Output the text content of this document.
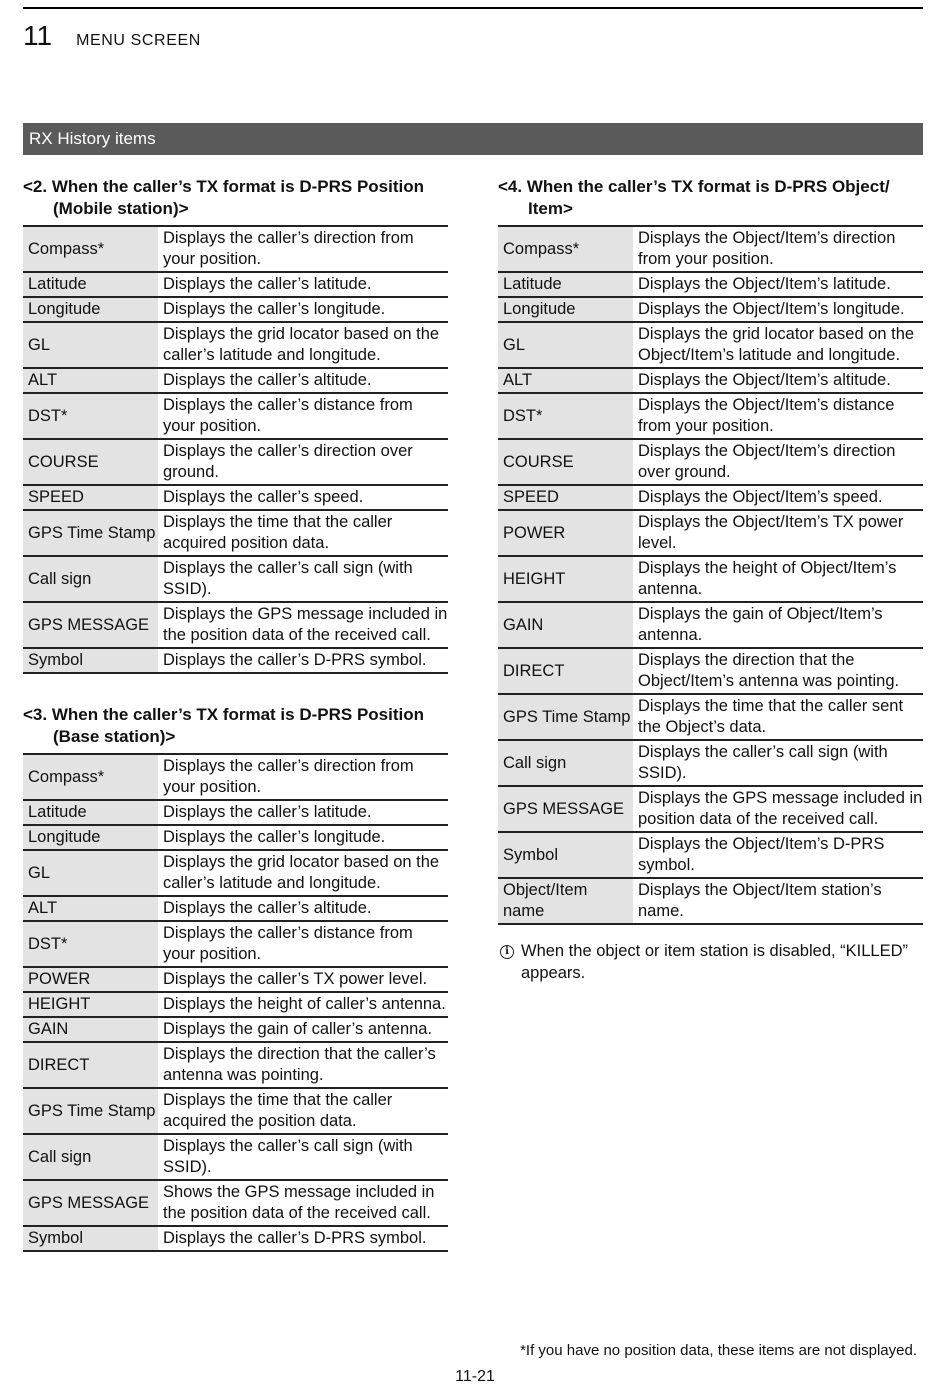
11 MENU SCREEN
RX History items
<2. When the caller’s TX format is D-PRS Position (Mobile station)>
Compass*	Displays the caller’s direction from your position.
Latitude	Displays the caller’s latitude.
Longitude	Displays the caller’s longitude.
GL	Displays the grid locator based on the caller’s latitude and longitude.
ALT	Displays the caller’s altitude.
DST*	Displays the caller’s distance from your position.
COURSE	Displays the caller’s direction over ground.
SPEED	Displays the caller’s speed.
GPS Time Stamp	Displays the time that the caller acquired position data.
Call sign	Displays the caller’s call sign (with SSID).
GPS MESSAGE	Displays the GPS message included in the position data of the received call.
Symbol	Displays the caller’s D-PRS symbol.
<3. When the caller’s TX format is D-PRS Position (Base station)>
Compass*	Displays the caller’s direction from your position.
Latitude	Displays the caller’s latitude.
Longitude	Displays the caller’s longitude.
GL	Displays the grid locator based on the caller’s latitude and longitude.
ALT	Displays the caller’s altitude.
DST*	Displays the caller’s distance from your position.
POWER	Displays the caller’s TX power level.
HEIGHT	Displays the height of caller’s antenna.
GAIN	Displays the gain of caller’s antenna.
DIRECT	Displays the direction that the caller’s antenna was pointing.
GPS Time Stamp	Displays the time that the caller acquired the position data.
Call sign	Displays the caller’s call sign (with SSID).
GPS MESSAGE	Shows the GPS message included in the position data of the received call.
Symbol	Displays the caller’s D-PRS symbol.
<4. When the caller’s TX format is D-PRS Object/ Item>
Compass*	Displays the Object/Item’s direction from your position.
Latitude	Displays the Object/Item’s latitude.
Longitude	Displays the Object/Item’s longitude.
GL	Displays the grid locator based on the Object/Item’s latitude and longitude.
ALT	Displays the Object/Item’s altitude.
DST*	Displays the Object/Item’s distance from your position.
COURSE	Displays the Object/Item’s direction over ground.
SPEED	Displays the Object/Item’s speed.
POWER	Displays the Object/Item’s TX power level.
HEIGHT	Displays the height of Object/Item’s antenna.
GAIN	Displays the gain of Object/Item’s antenna.
DIRECT	Displays the direction that the Object/Item’s antenna was pointing.
GPS Time Stamp	Displays the time that the caller sent the Object’s data.
Call sign	Displays the caller’s call sign (with SSID).
GPS MESSAGE	Displays the GPS message included in position data of the received call.
Symbol	Displays the Object/Item’s D-PRS symbol.
Object/Item name	Displays the Object/Item station’s name.
i When the object or item station is disabled, “KILLED” appears.
*If you have no position data, these items are not displayed.
11-21
